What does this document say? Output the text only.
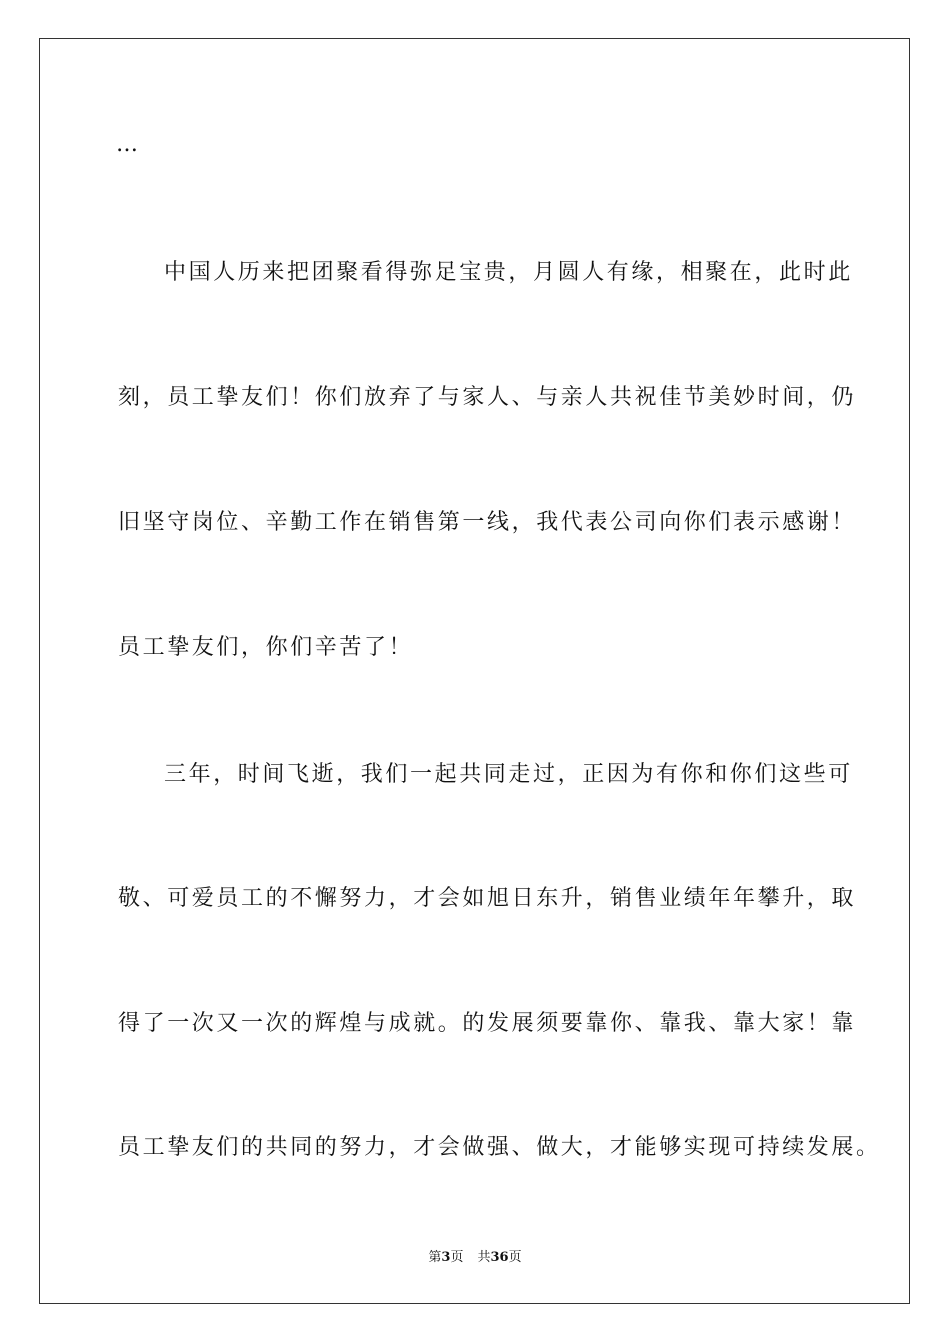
…
中国人历来把团聚看得弥足宝贵，月圆人有缘，相聚在，此时此
刻，员工挚友们！你们放弃了与家人、与亲人共祝佳节美妙时间，仍
旧坚守岗位、辛勤工作在销售第一线，我代表公司向你们表示感谢！
员工挚友们，你们辛苦了！
三年，时间飞逝，我们一起共同走过，正因为有你和你们这些可
敬、可爱员工的不懈努力，才会如旭日东升，销售业绩年年攀升，取
得了一次又一次的辉煌与成就。的发展须要靠你、靠我、靠大家！靠
员工挚友们的共同的努力，才会做强、做大，才能够实现可持续发展。
第3页 共36页
